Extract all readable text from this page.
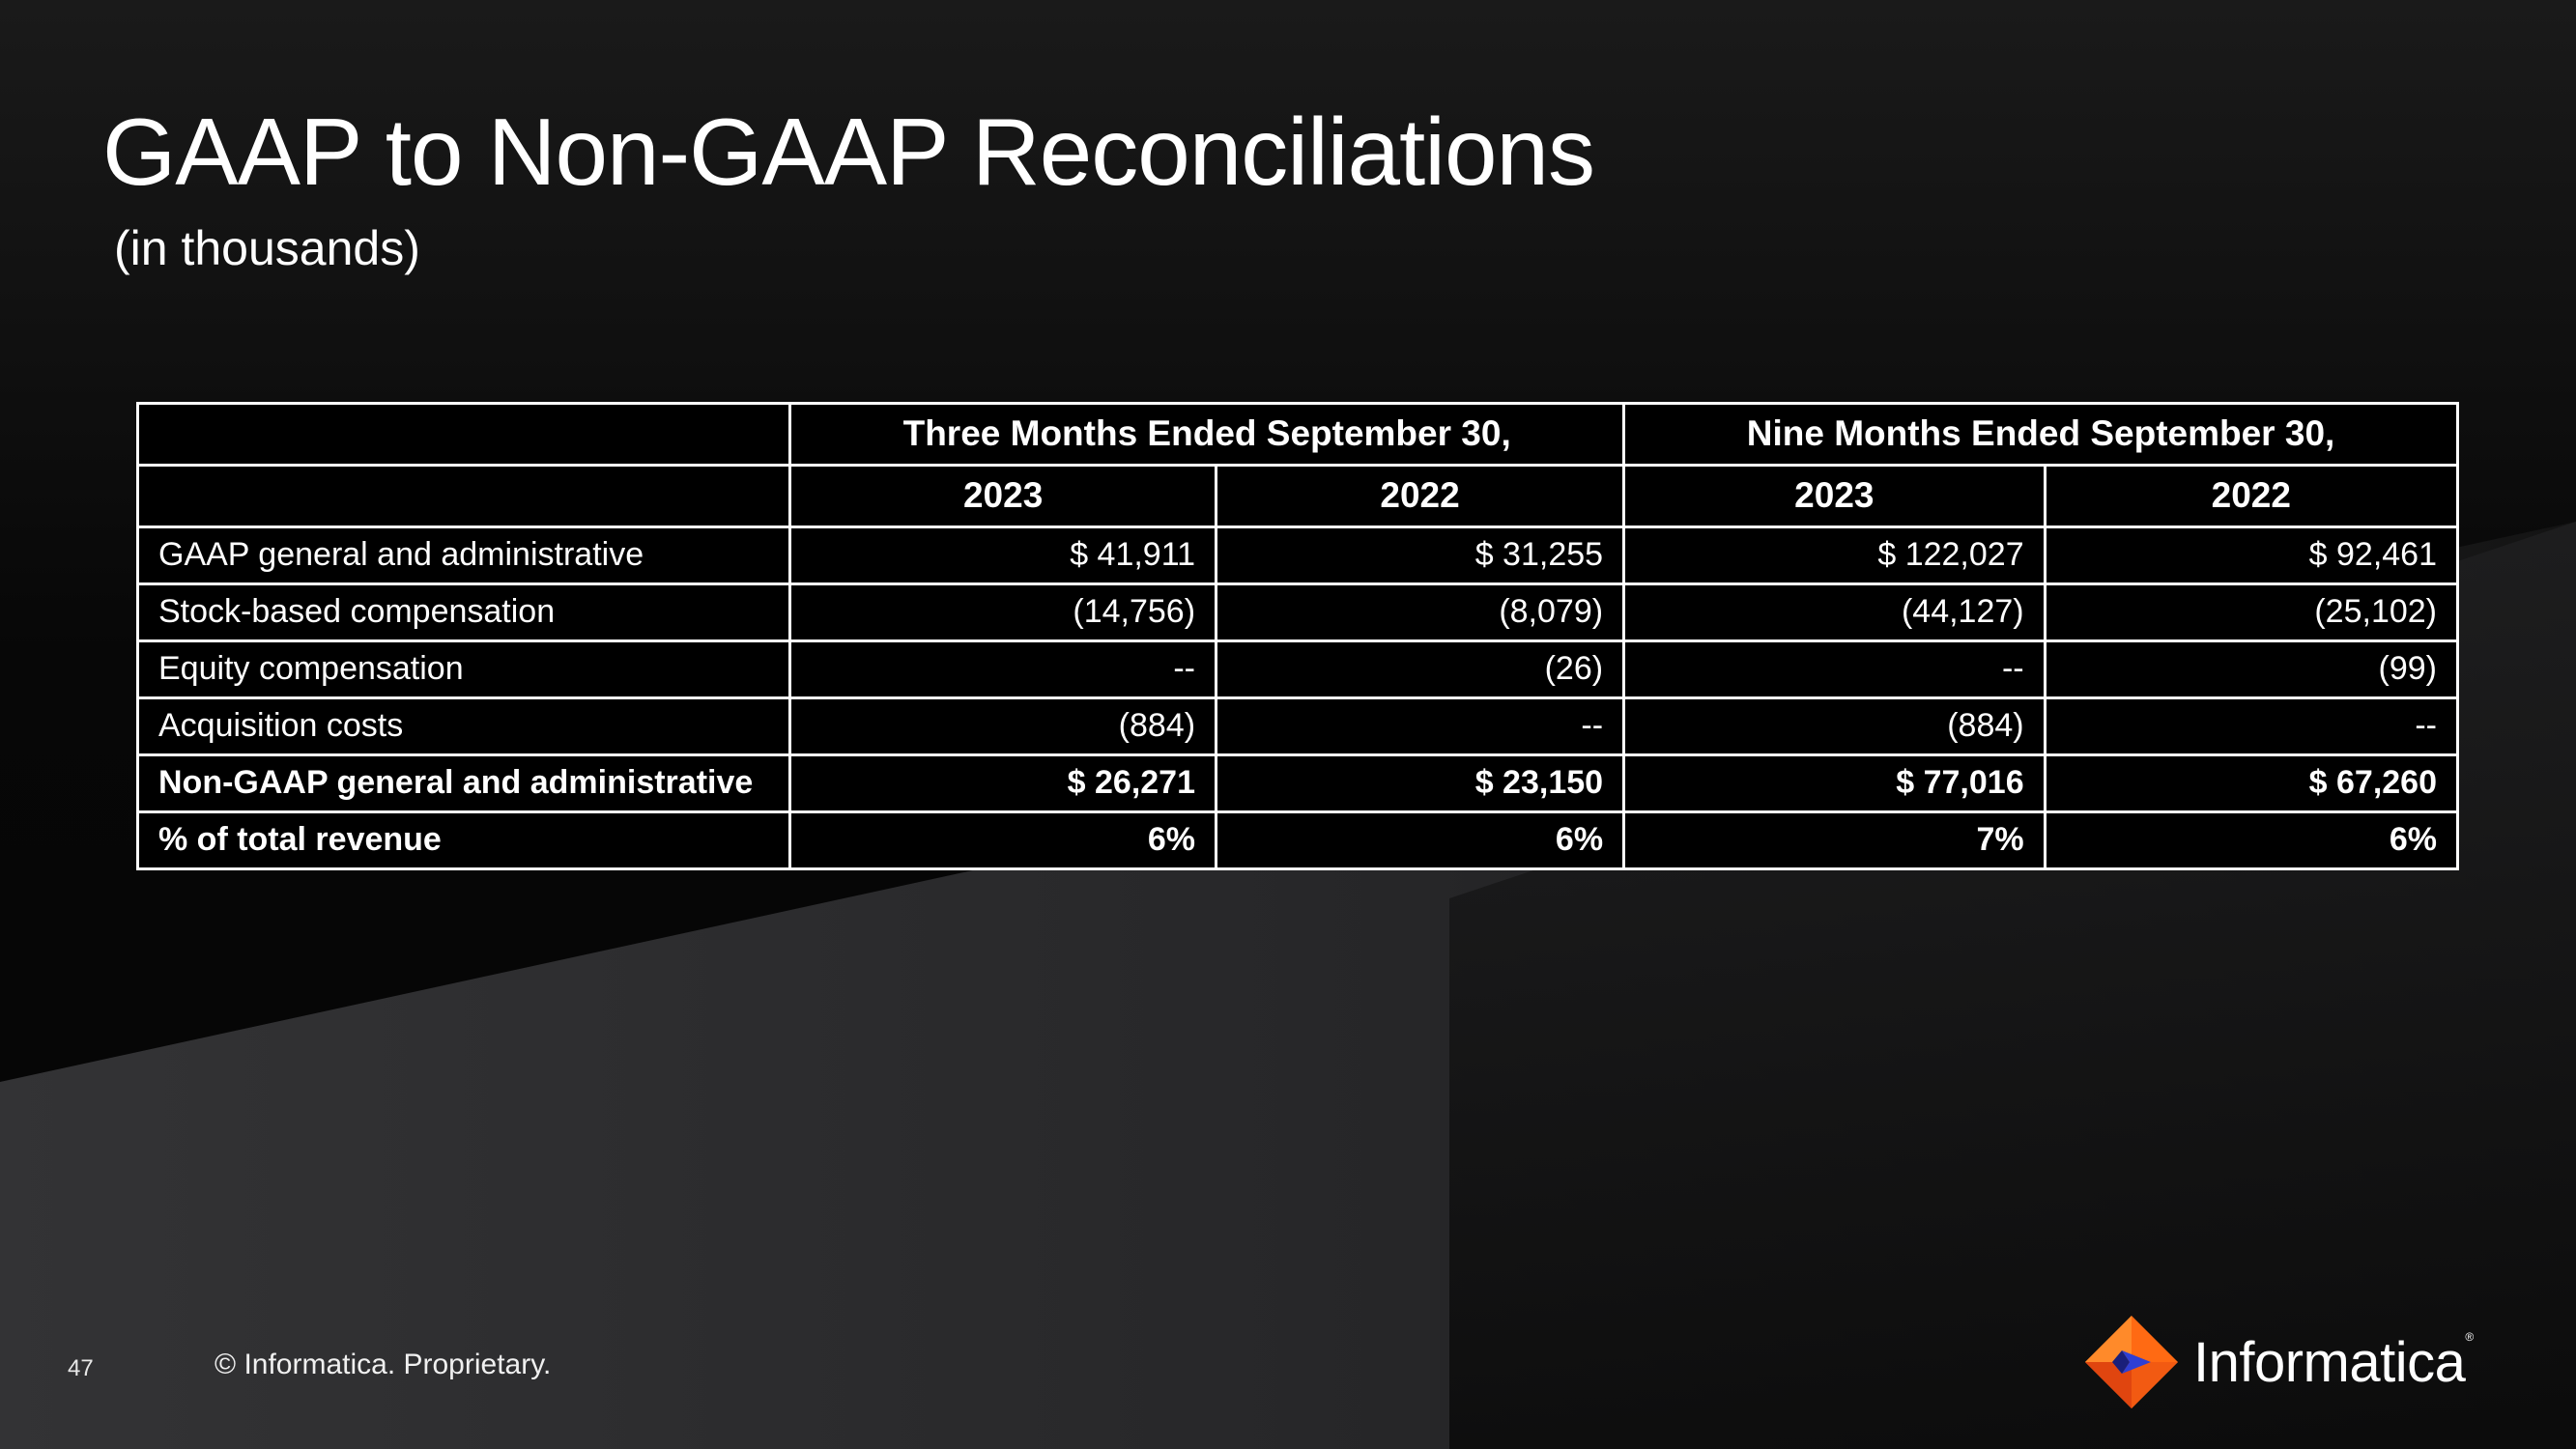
GAAP to Non-GAAP Reconciliations
(in thousands)
	Three Months Ended September 30,		Nine Months Ended September 30,	
	2023	2022	2023	2022
GAAP general and administrative	$ 41,911	$ 31,255	$ 122,027	$ 92,461
Stock-based compensation	(14,756)	(8,079)	(44,127)	(25,102)
Equity compensation	--	(26)	--	(99)
Acquisition costs	(884)	--	(884)	--
Non-GAAP general and administrative	$ 26,271	$ 23,150	$ 77,016	$ 67,260
% of total revenue	6%	6%	7%	6%
47	© Informatica. Proprietary.	Informatica®
